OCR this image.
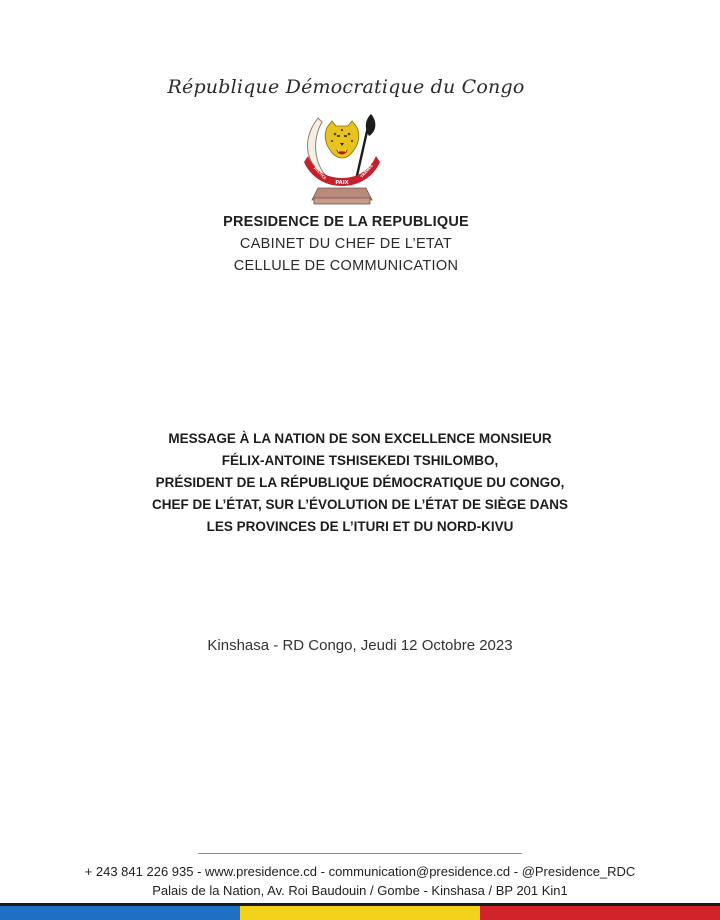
République Démocratique du Congo
PAIX
JUSTICE	TRAVAIL
PRESIDENCE DE LA REPUBLIQUE
CABINET DU CHEF DE L’ETAT
CELLULE DE COMMUNICATION
MESSAGE À LA NATION DE SON EXCELLENCE MONSIEUR
FÉLIX-ANTOINE TSHISEKEDI TSHILOMBO,
PRÉSIDENT DE LA RÉPUBLIQUE DÉMOCRATIQUE DU CONGO,
CHEF DE L’ÉTAT, SUR L’ÉVOLUTION DE L’ÉTAT DE SIÈGE DANS
LES PROVINCES DE L’ITURI ET DU NORD-KIVU
Kinshasa - RD Congo, Jeudi 12 Octobre 2023
+ 243 841 226 935 - www.presidence.cd - communication@presidence.cd - @Presidence_RDC
Palais de la Nation, Av. Roi Baudouin / Gombe - Kinshasa / BP 201 Kin1
